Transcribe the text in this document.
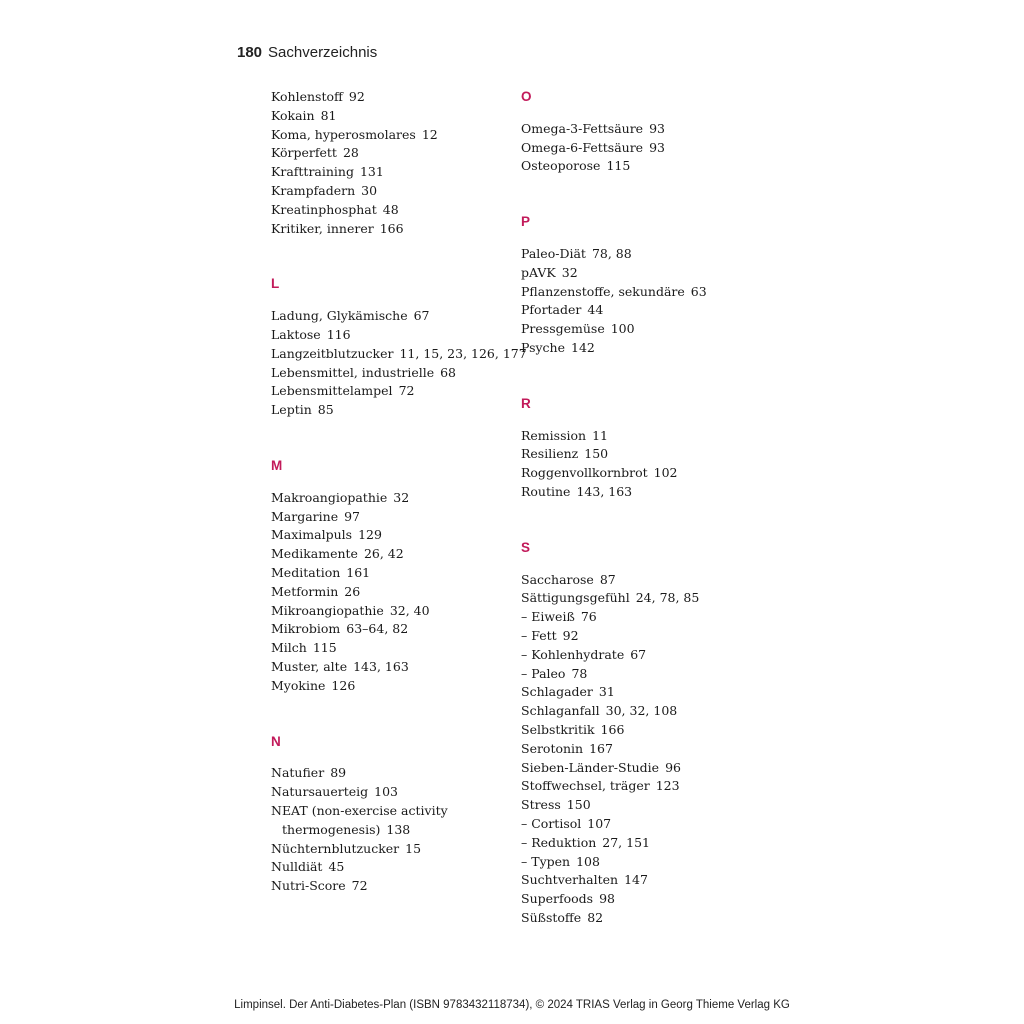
180 Sachverzeichnis
Kohlenstoff 92
Kokain 81
Koma, hyperosmolares 12
Körperfett 28
Krafttraining 131
Krampfadern 30
Kreatinphosphat 48
Kritiker, innerer 166
L
Ladung, Glykämische 67
Laktose 116
Langzeitblutzucker 11, 15, 23, 126, 177
Lebensmittel, industrielle 68
Lebensmittelampel 72
Leptin 85
M
Makroangiopathie 32
Margarine 97
Maximalpuls 129
Medikamente 26, 42
Meditation 161
Metformin 26
Mikroangiopathie 32, 40
Mikrobiom 63–64, 82
Milch 115
Muster, alte 143, 163
Myokine 126
N
Natufier 89
Natursauerteig 103
NEAT (non-exercise activity
thermogenesis) 138
Nüchternblutzucker 15
Nulldiät 45
Nutri-Score 72
O
Omega-3-Fettsäure 93
Omega-6-Fettsäure 93
Osteoporose 115
P
Paleo-Diät 78, 88
pAVK 32
Pflanzenstoffe, sekundäre 63
Pfortader 44
Pressgemüse 100
Psyche 142
R
Remission 11
Resilienz 150
Roggenvollkornbrot 102
Routine 143, 163
S
Saccharose 87
Sättigungsgefühl 24, 78, 85
– Eiweiß 76
– Fett 92
– Kohlenhydrate 67
– Paleo 78
Schlagader 31
Schlaganfall 30, 32, 108
Selbstkritik 166
Serotonin 167
Sieben-Länder-Studie 96
Stoffwechsel, träger 123
Stress 150
– Cortisol 107
– Reduktion 27, 151
– Typen 108
Suchtverhalten 147
Superfoods 98
Süßstoffe 82
Limpinsel. Der Anti-Diabetes-Plan (ISBN 9783432118734), © 2024 TRIAS Verlag in Georg Thieme Verlag KG
